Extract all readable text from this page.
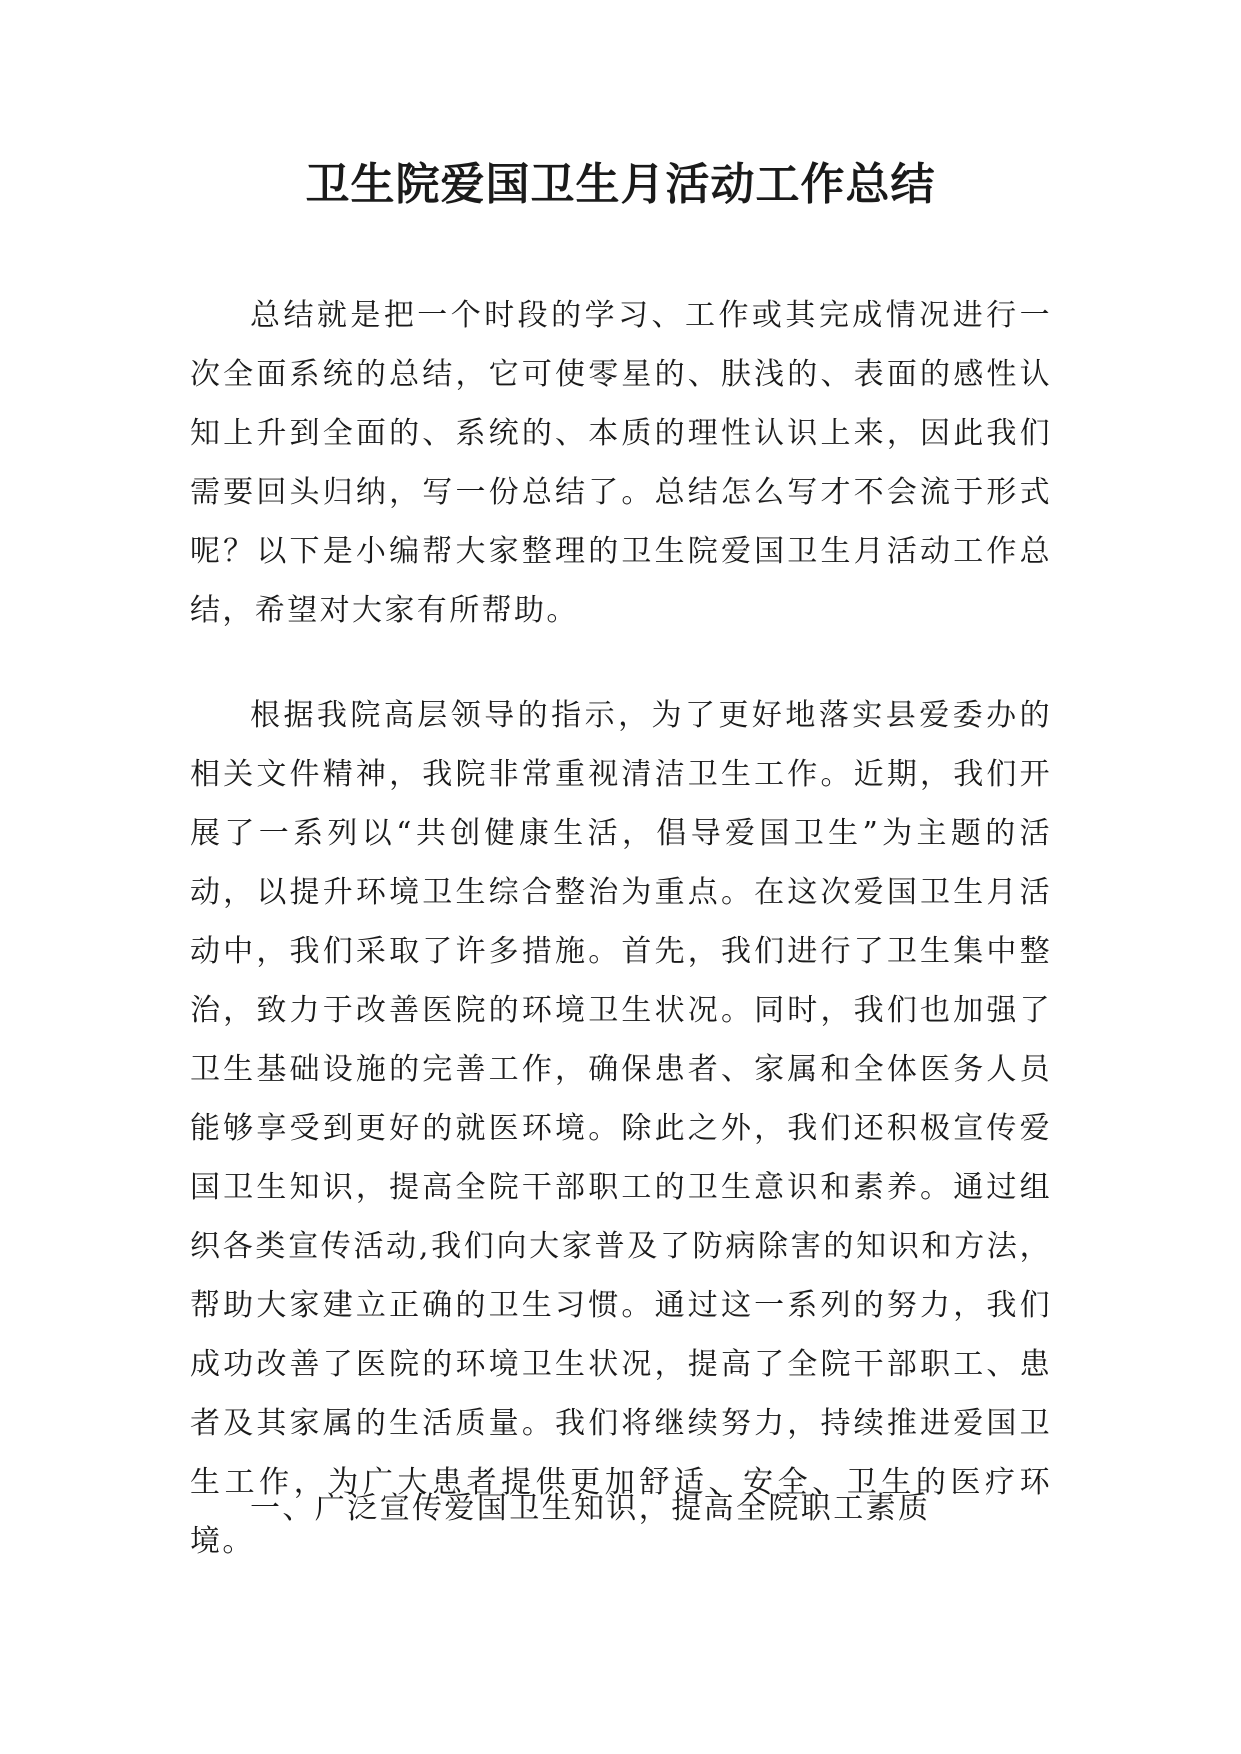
卫生院爱国卫生月活动工作总结

总结就是把一个时段的学习、工作或其完成情况进行一次全面系统的总结，它可使零星的、肤浅的、表面的感性认知上升到全面的、系统的、本质的理性认识上来，因此我们需要回头归纳，写一份总结了。总结怎么写才不会流于形式呢？以下是小编帮大家整理的卫生院爱国卫生月活动工作总结，希望对大家有所帮助。

根据我院高层领导的指示，为了更好地落实县爱委办的相关文件精神，我院非常重视清洁卫生工作。近期，我们开展了一系列以“共创健康生活，倡导爱国卫生”为主题的活动，以提升环境卫生综合整治为重点。在这次爱国卫生月活动中，我们采取了许多措施。首先，我们进行了卫生集中整治，致力于改善医院的环境卫生状况。同时，我们也加强了卫生基础设施的完善工作，确保患者、家属和全体医务人员能够享受到更好的就医环境。除此之外，我们还积极宣传爱国卫生知识，提高全院干部职工的卫生意识和素养。通过组织各类宣传活动,我们向大家普及了防病除害的知识和方法，帮助大家建立正确的卫生习惯。通过这一系列的努力，我们成功改善了医院的环境卫生状况，提高了全院干部职工、患者及其家属的生活质量。我们将继续努力，持续推进爱国卫生工作，为广大患者提供更加舒适、安全、卫生的医疗环境。

一、广泛宣传爱国卫生知识，提高全院职工素质
